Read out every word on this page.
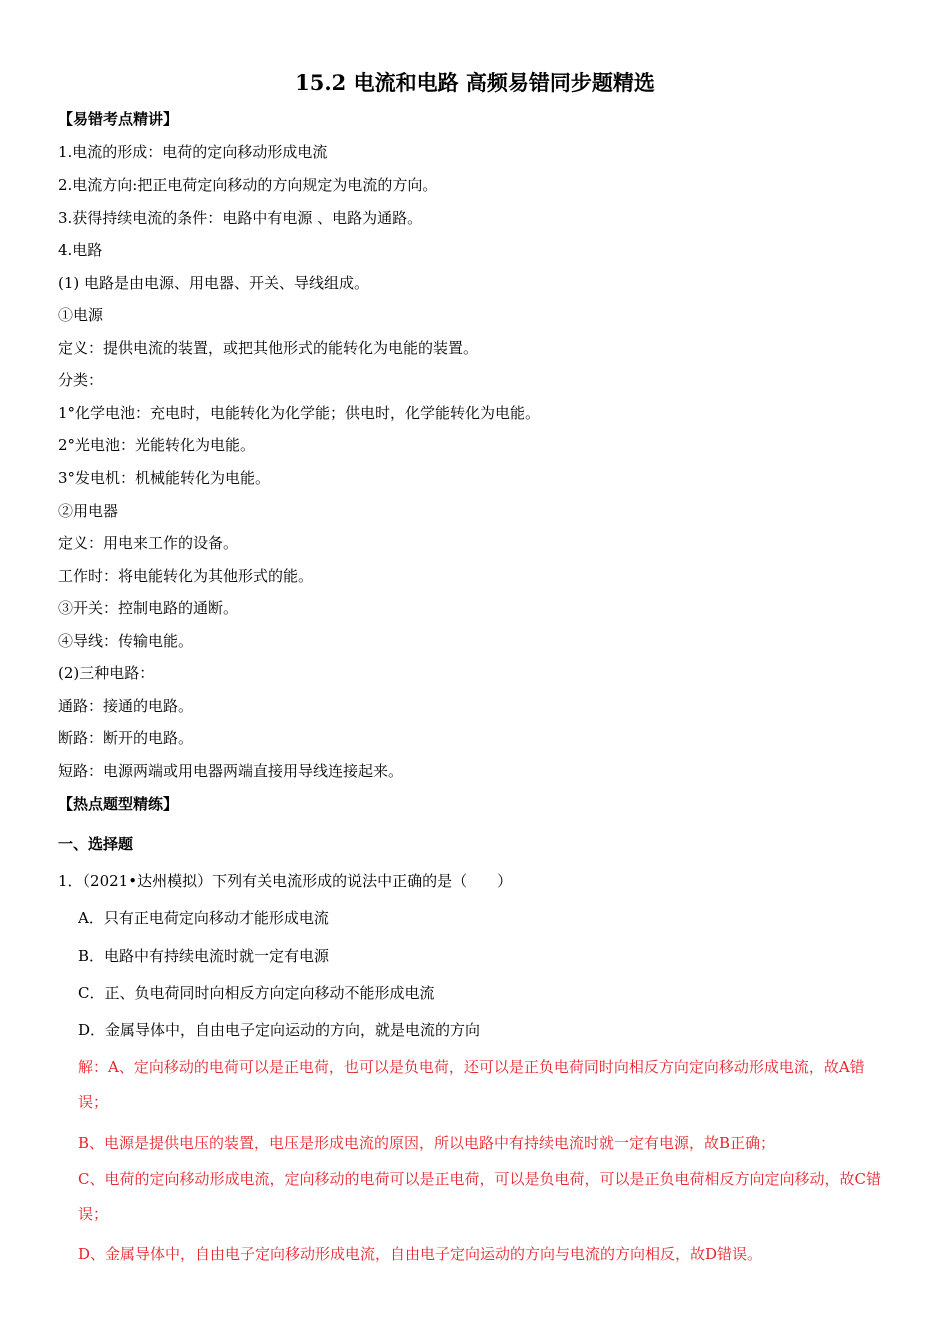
15.2 电流和电路 高频易错同步题精选
【易错考点精讲】
1.电流的形成：电荷的定向移动形成电流
2.电流方向:把正电荷定向移动的方向规定为电流的方向。
3.获得持续电流的条件：电路中有电源 、电路为通路。
4.电路
(1) 电路是由电源、用电器、开关、导线组成。
①电源
定义：提供电流的装置，或把其他形式的能转化为电能的装置。
分类：
1°化学电池：充电时，电能转化为化学能；供电时，化学能转化为电能。
2°光电池：光能转化为电能。
3°发电机：机械能转化为电能。
②用电器
定义：用电来工作的设备。
工作时：将电能转化为其他形式的能。
③开关：控制电路的通断。
④导线：传输电能。
(2)三种电路：
通路：接通的电路。
断路：断开的电路。
短路：电源两端或用电器两端直接用导线连接起来。
【热点题型精练】
一、选择题
1．（2021•达州模拟）下列有关电流形成的说法中正确的是（　　）
A．只有正电荷定向移动才能形成电流
B．电路中有持续电流时就一定有电源
C．正、负电荷同时向相反方向定向移动不能形成电流
D．金属导体中，自由电子定向运动的方向，就是电流的方向
解：A、定向移动的电荷可以是正电荷，也可以是负电荷，还可以是正负电荷同时向相反方向定向移动形成电流，故A错误；
B、电源是提供电压的装置，电压是形成电流的原因，所以电路中有持续电流时就一定有电源，故B正确；
C、电荷的定向移动形成电流，定向移动的电荷可以是正电荷，可以是负电荷，可以是正负电荷相反方向定向移动，故C错误；
D、金属导体中，自由电子定向移动形成电流，自由电子定向运动的方向与电流的方向相反，故D错误。
